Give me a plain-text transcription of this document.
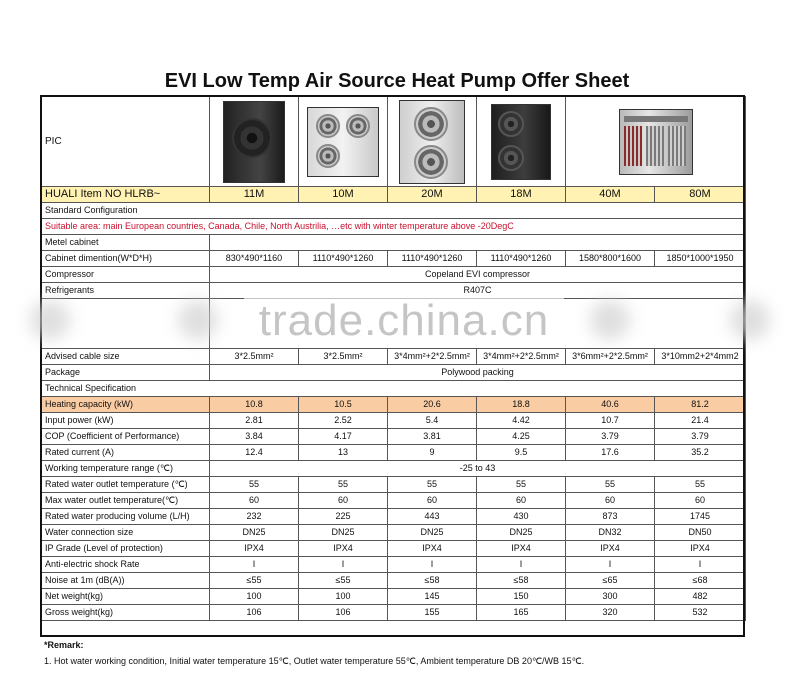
EVI Low Temp Air Source Heat Pump Offer Sheet
PIC		

HUALI Item NO HLRB~	11M	10M	20M	18M	40M	80M
Standard Configuration						
Suitable area: main European countries, Canada, Chile, North Austrilia, …etc with winter temperature above -20DegC						
Metel cabinet						
Cabinet dimention(W*D*H)	830*490*1160	1110*490*1260	1110*490*1260	1110*490*1260	1580*800*1600	1850*1000*1950
Compressor	Copeland EVI compressor					
Refrigerants	R407C					

Advised cable size	3*2.5mm²	3*2.5mm²	3*4mm²+2*2.5mm²	3*4mm²+2*2.5mm²	3*6mm²+2*2.5mm²	3*10mm2+2*4mm2
Package	Polywood packing					
Technical Specification						
Heating capacity (kW)	10.8	10.5	20.6	18.8	40.6	81.2
Input power (kW)	2.81	2.52	5.4	4.42	10.7	21.4
COP (Coefficient of Performance)	3.84	4.17	3.81	4.25	3.79	3.79
Rated current (A)	12.4	13	9	9.5	17.6	35.2
Working temperature range (℃)	-25 to 43					
Rated water outlet temperature (℃)	55	55	55	55	55	55
Max water outlet temperature(℃)	60	60	60	60	60	60
Rated water producing volume (L/H)	232	225	443	430	873	1745
Water connection size	DN25	DN25	DN25	DN25	DN32	DN50
IP Grade (Level of protection)	IPX4	IPX4	IPX4	IPX4	IPX4	IPX4
Anti-electric shock Rate	I	I	I	I	I	I
Noise at 1m (dB(A))	≤55	≤55	≤58	≤58	≤65	≤68
Net weight(kg)	100	100	145	150	300	482
Gross weight(kg)	106	106	155	165	320	532
trade.china.cn
*Remark:
1. Hot water working condition, Initial water temperature 15℃, Outlet water temperature 55℃, Ambient temperature DB 20℃/WB 15℃.
